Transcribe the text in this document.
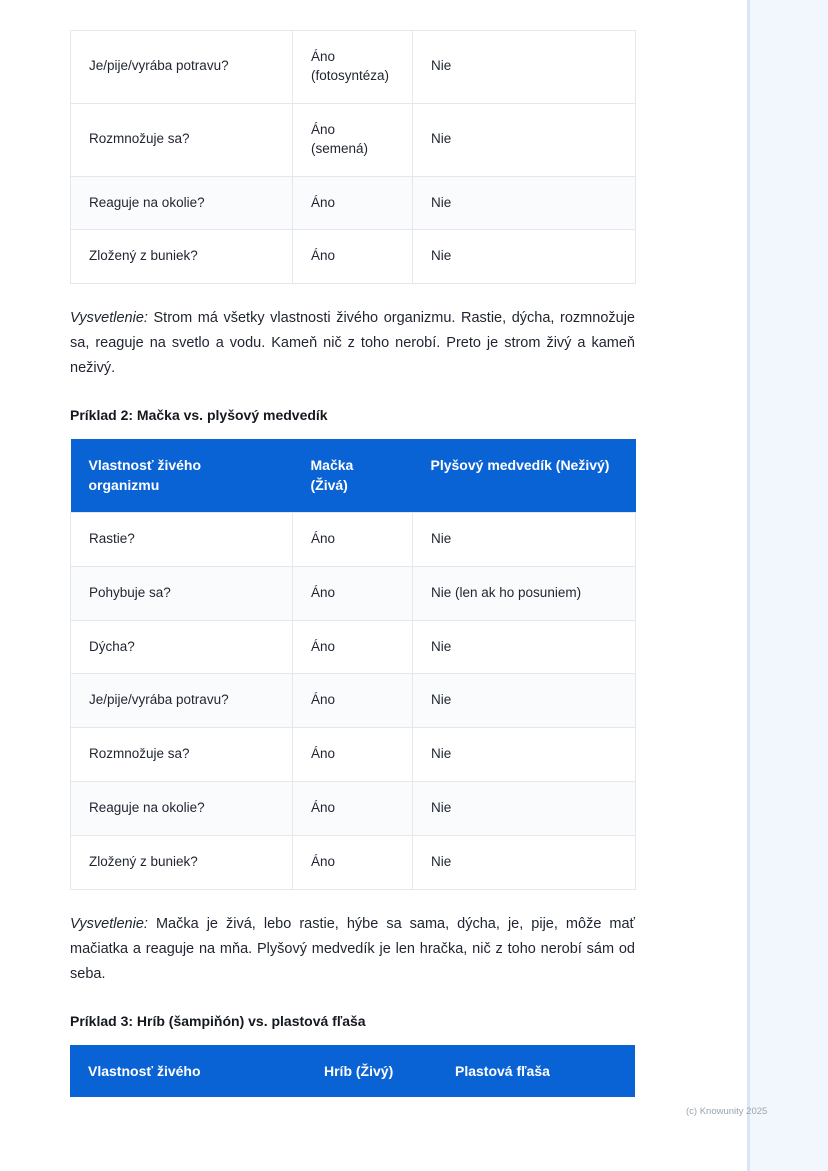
Je/pije/vyrába potravu?	Áno (fotosyntéza)	Nie
Rozmnožuje sa?	Áno (semená)	Nie
Reaguje na okolie?	Áno	Nie
Zložený z buniek?	Áno	Nie

Vysvetlenie: Strom má všetky vlastnosti živého organizmu. Rastie, dýcha, rozmnožuje sa, reaguje na svetlo a vodu. Kameň nič z toho nerobí. Preto je strom živý a kameň neživý.

Príklad 2: Mačka vs. plyšový medvedík

Vlastnosť živého organizmu	Mačka (Živá)	Plyšový medvedík (Neživý)
Rastie?	Áno	Nie
Pohybuje sa?	Áno	Nie (len ak ho posuniem)
Dýcha?	Áno	Nie
Je/pije/vyrába potravu?	Áno	Nie
Rozmnožuje sa?	Áno	Nie
Reaguje na okolie?	Áno	Nie
Zložený z buniek?	Áno	Nie

Vysvetlenie: Mačka je živá, lebo rastie, hýbe sa sama, dýcha, je, pije, môže mať mačiatka a reaguje na mňa. Plyšový medvedík je len hračka, nič z toho nerobí sám od seba.

Príklad 3: Hríb (šampiňón) vs. plastová fľaša

Vlastnosť živého	Hríb (Živý)	Plastová fľaša
(c) Knowunity 2025
